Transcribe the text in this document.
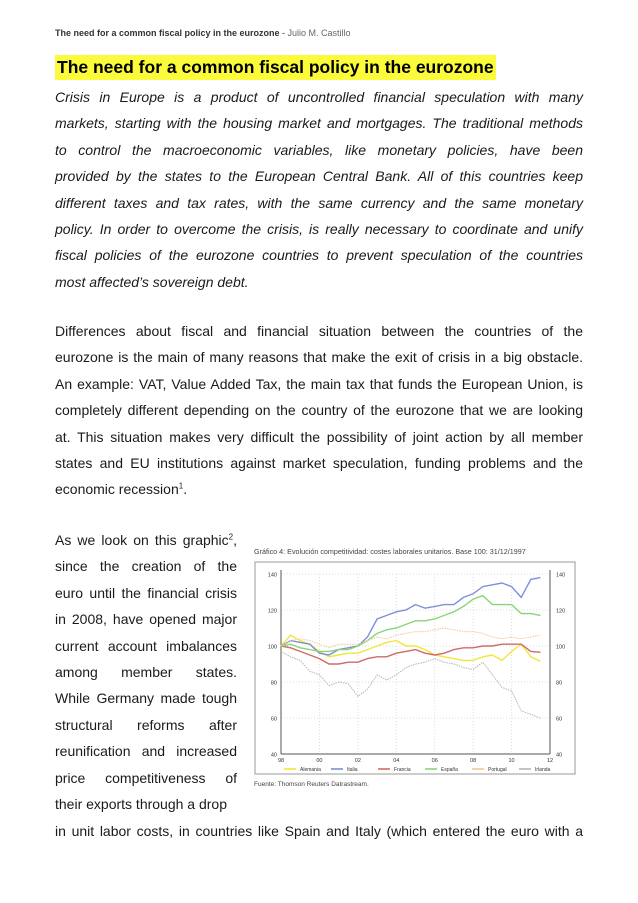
The need for a common fiscal policy in the eurozone - Julio M. Castillo
The need for a common fiscal policy in the eurozone
Crisis in Europe is a product of uncontrolled financial speculation with many
markets, starting with the housing market and mortgages. The traditional methods
to control the macroeconomic variables, like monetary policies, have been
provided by the states to the European Central Bank. All of this countries keep
different taxes and tax rates, with the same currency and the same monetary
policy. In order to overcome the crisis, is really necessary to coordinate and unify
fiscal policies of the eurozone countries to prevent speculation of the countries
most affected’s sovereign debt.
Differences about fiscal and financial situation between the countries of the
eurozone is the main of many reasons that make the exit of crisis in a big obstacle.
An example: VAT, Value Added Tax, the main tax that funds the European Union, is
completely different depending on the country of the eurozone that we are looking
at. This situation makes very difficult the possibility of joint action by all member
states and EU institutions against market speculation, funding problems and the
economic recession$^1$.
As we look on this graphic$^2$,
since the creation of the
euro until the financial crisis
in 2008, have opened major
current account imbalances
among member states.
While Germany made tough
structural reforms after
reunification and increased
price competitiveness of
their exports through a drop
in unit labor costs, in countries like Spain and Italy (which entered the euro with a
Gráfico 4: Evolución competitividad: costes laborales unitarios. Base 100: 31/12/1997
40	40
60	60
80	80
100	100
120	120
140	140
98	00	02	04	06	08	10	12
Alemania	Italia	Francia	España	Portugal	Irlanda
Fuente: Thomson Reuters Datrastream.
